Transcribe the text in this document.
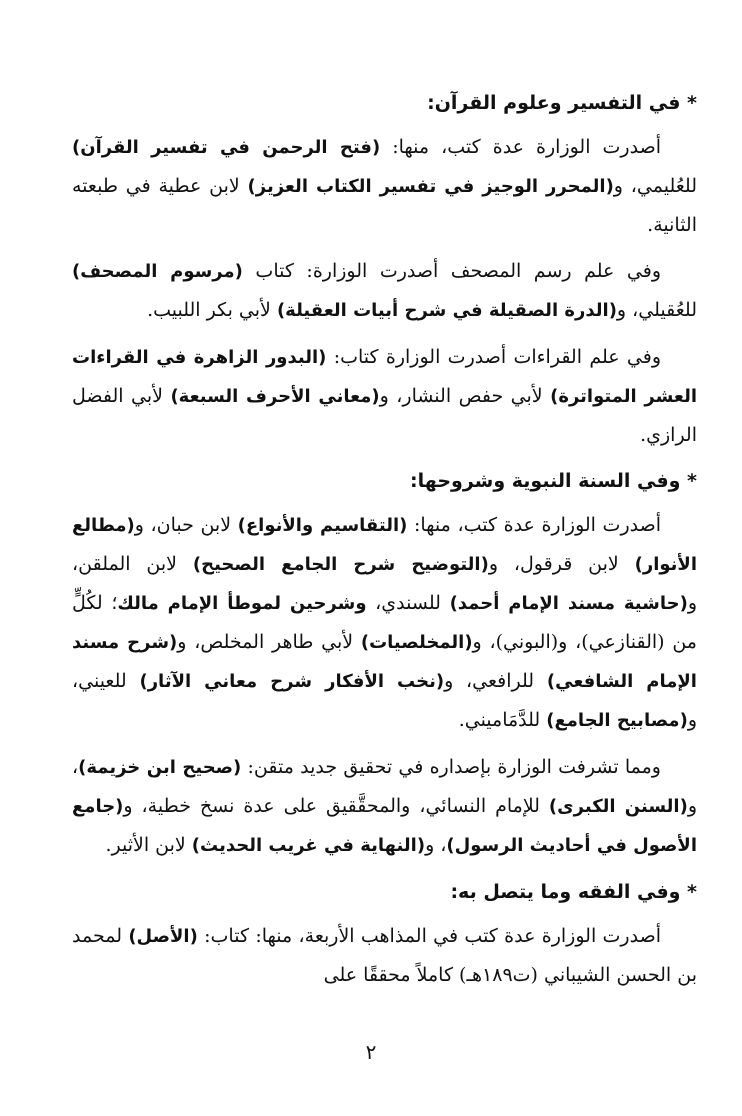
* في التفسير وعلوم القرآن:

أصدرت الوزارة عدة كتب، منها: (فتح الرحمن في تفسير القرآن) للعُليمي، و(المحرر الوجيز في تفسير الكتاب العزيز) لابن عطية في طبعته الثانية.

وفي علم رسم المصحف أصدرت الوزارة: كتاب (مرسوم المصحف) للعُقيلي، و(الدرة الصقيلة في شرح أبيات العقيلة) لأبي بكر اللبيب.

وفي علم القراءات أصدرت الوزارة كتاب: (البدور الزاهرة في القراءات العشر المتواترة) لأبي حفص النشار، و(معاني الأحرف السبعة) لأبي الفضل الرازي.

* وفي السنة النبوية وشروحها:

أصدرت الوزارة عدة كتب، منها: (التقاسيم والأنواع) لابن حبان، و(مطالع الأنوار) لابن قرقول، و(التوضيح شرح الجامع الصحيح) لابن الملقن، و(حاشية مسند الإمام أحمد) للسندي، وشرحين لموطأ الإمام مالك؛ لكُلٍّ من (القنازعي)، و(البوني)، و(المخلصيات) لأبي طاهر المخلص، و(شرح مسند الإمام الشافعي) للرافعي، و(نخب الأفكار شرح معاني الآثار) للعيني، و(مصابيح الجامع) للدَّمَاميني.

ومما تشرفت الوزارة بإصداره في تحقيق جديد متقن: (صحيح ابن خزيمة)، و(السنن الكبرى) للإمام النسائي، والمحقَّقيق على عدة نسخ خطية، و(جامع الأصول في أحاديث الرسول)، و(النهاية في غريب الحديث) لابن الأثير.

* وفي الفقه وما يتصل به:

أصدرت الوزارة عدة كتب في المذاهب الأربعة، منها: كتاب: (الأصل) لمحمد بن الحسن الشيباني (ت١٨٩هـ) كاملاً محققًا على

٢
